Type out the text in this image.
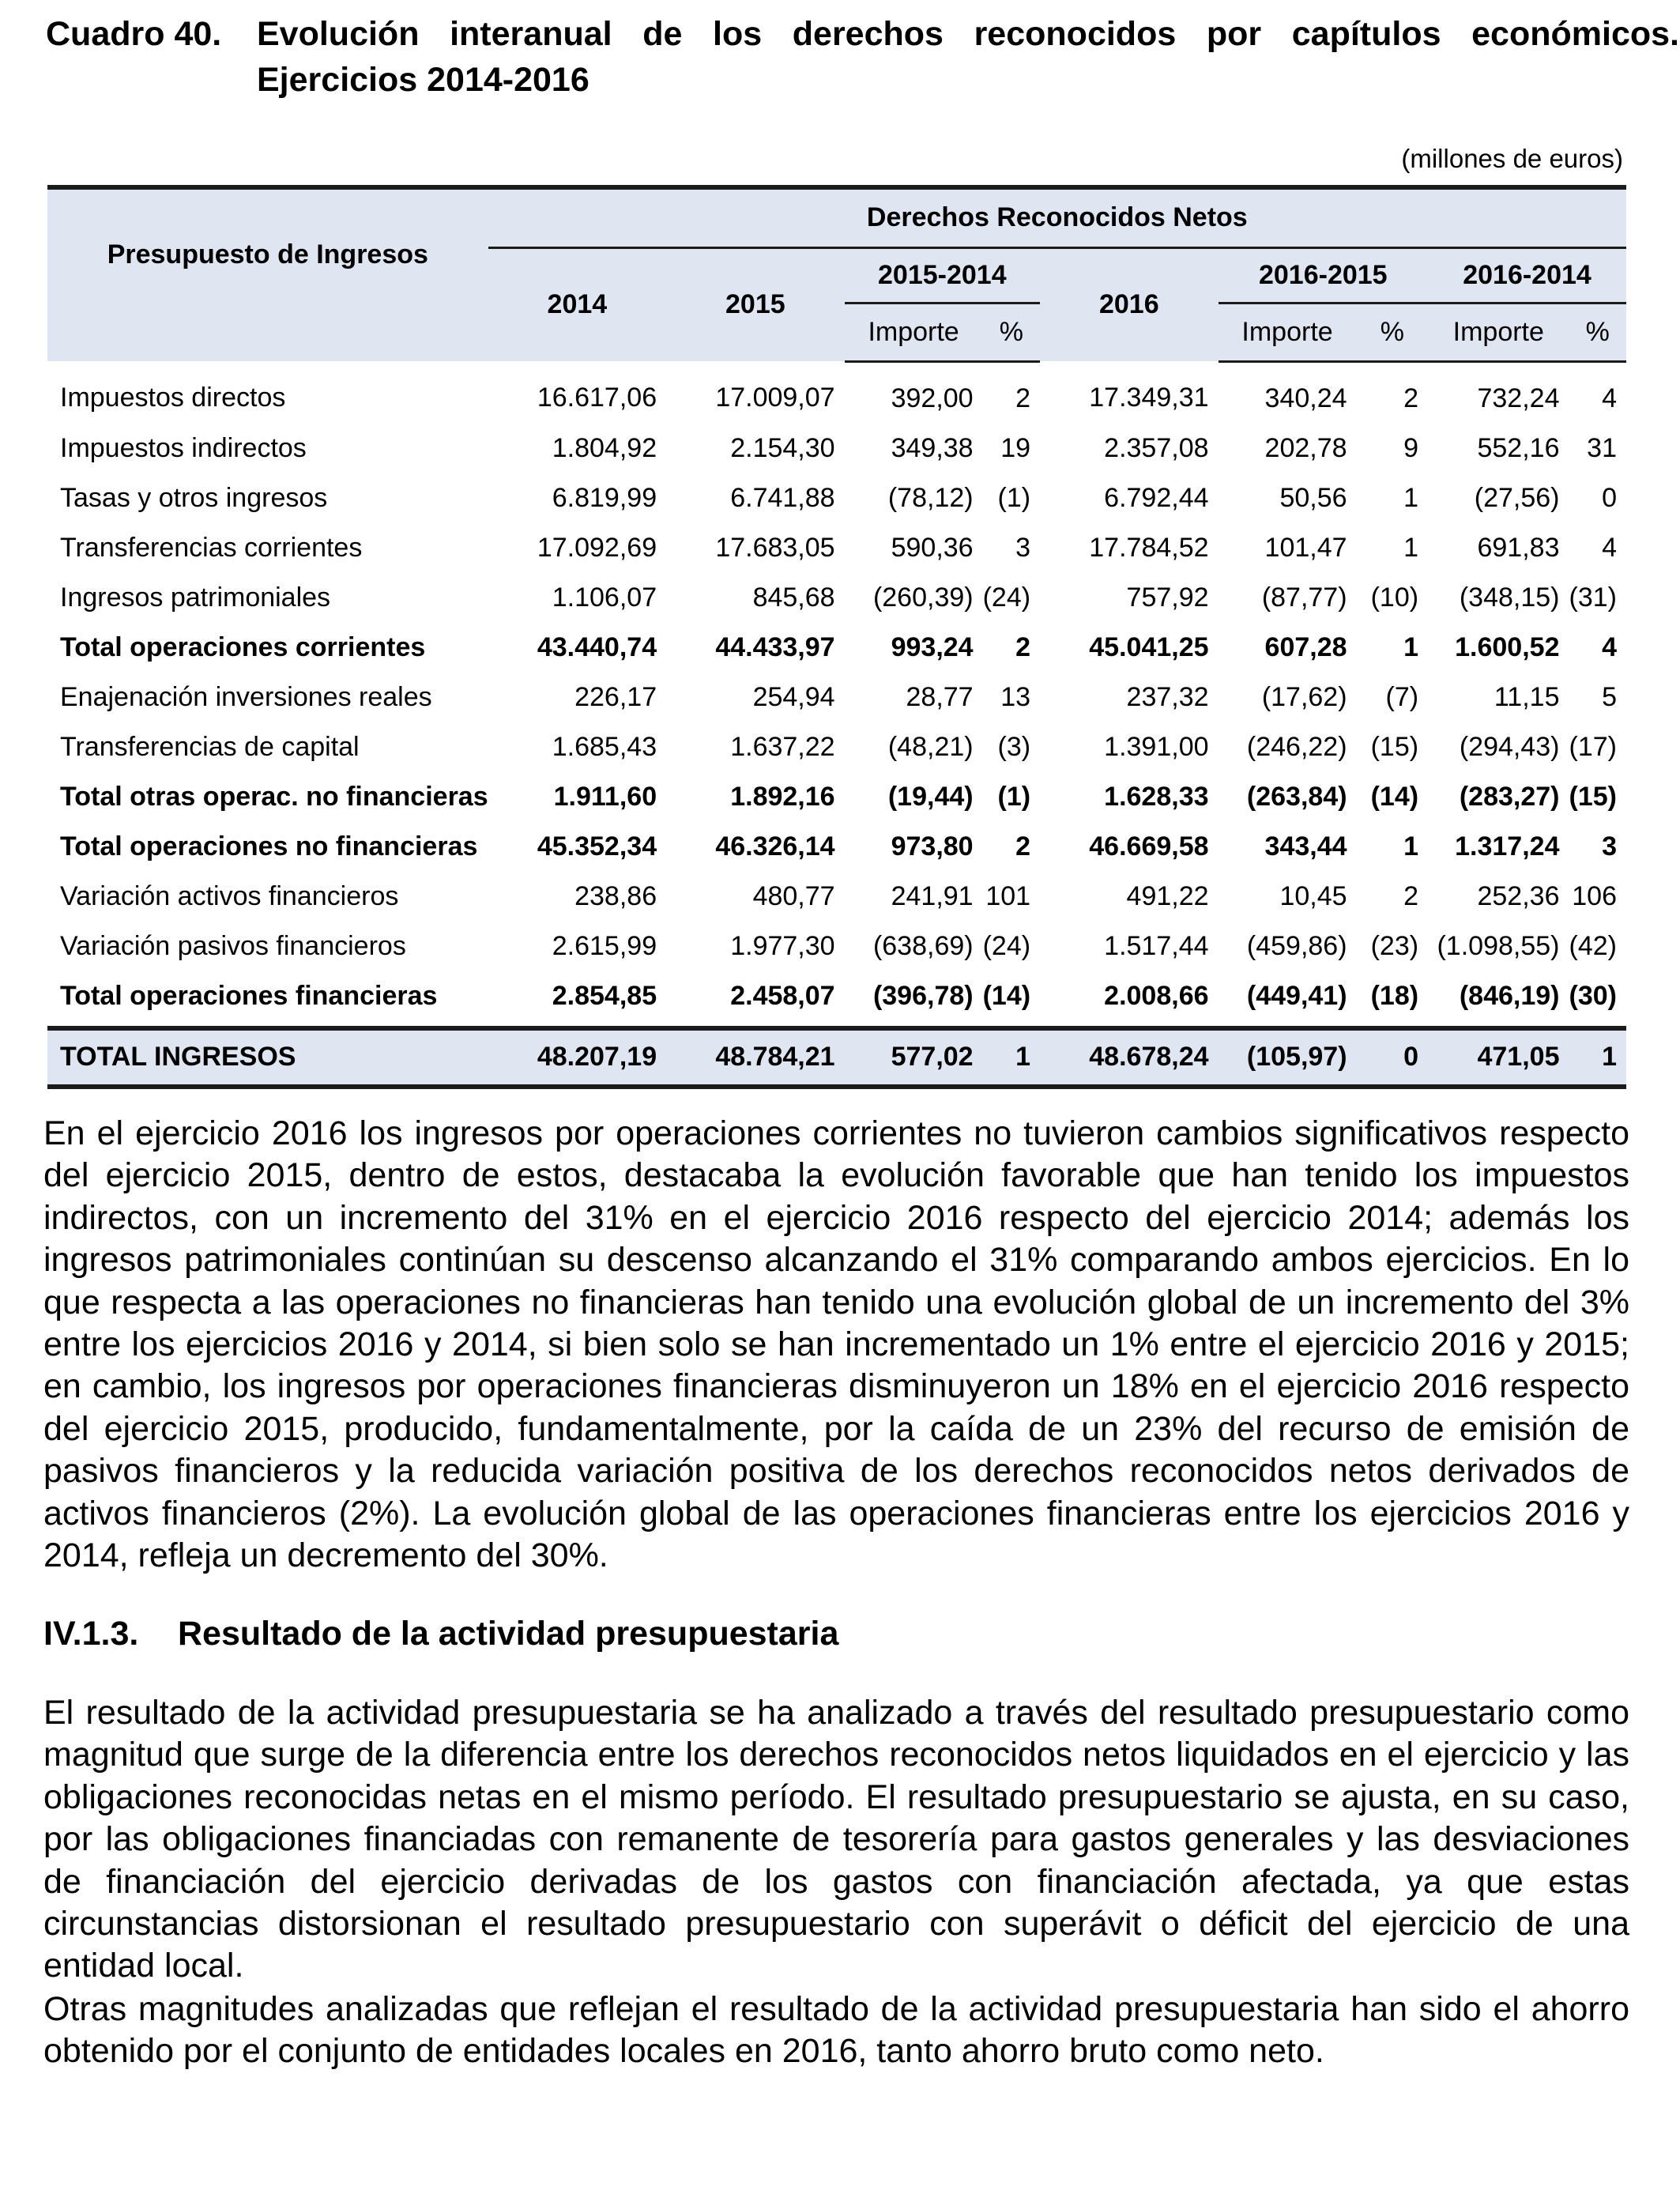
Cuadro 40. Evolución interanual de los derechos reconocidos por capítulos económicos. Ejercicios 2014-2016
(millones de euros)
Presupuesto de Ingresos	Derechos Reconocidos Netos								
	2014	2015	2015-2014		2016	2016-2015		2016-2014	
			Importe	%		Importe	%	Importe	%
Impuestos directos	16.617,06	17.009,07	392,00	2	17.349,31	340,24	2	732,24	4
Impuestos indirectos	1.804,92	2.154,30	349,38	19	2.357,08	202,78	9	552,16	31
Tasas y otros ingresos	6.819,99	6.741,88	(78,12)	(1)	6.792,44	50,56	1	(27,56)	0
Transferencias corrientes	17.092,69	17.683,05	590,36	3	17.784,52	101,47	1	691,83	4
Ingresos patrimoniales	1.106,07	845,68	(260,39)	(24)	757,92	(87,77)	(10)	(348,15)	(31)
Total operaciones corrientes	43.440,74	44.433,97	993,24	2	45.041,25	607,28	1	1.600,52	4
Enajenación inversiones reales	226,17	254,94	28,77	13	237,32	(17,62)	(7)	11,15	5
Transferencias de capital	1.685,43	1.637,22	(48,21)	(3)	1.391,00	(246,22)	(15)	(294,43)	(17)
Total otras operac. no financieras	1.911,60	1.892,16	(19,44)	(1)	1.628,33	(263,84)	(14)	(283,27)	(15)
Total operaciones no financieras	45.352,34	46.326,14	973,80	2	46.669,58	343,44	1	1.317,24	3
Variación activos financieros	238,86	480,77	241,91	101	491,22	10,45	2	252,36	106
Variación pasivos financieros	2.615,99	1.977,30	(638,69)	(24)	1.517,44	(459,86)	(23)	(1.098,55)	(42)
Total operaciones financieras	2.854,85	2.458,07	(396,78)	(14)	2.008,66	(449,41)	(18)	(846,19)	(30)
TOTAL INGRESOS	48.207,19	48.784,21	577,02	1	48.678,24	(105,97)	0	471,05	1

En el ejercicio 2016 los ingresos por operaciones corrientes no tuvieron cambios significativos respecto del ejercicio 2015, dentro de estos, destacaba la evolución favorable que han tenido los impuestos indirectos, con un incremento del 31% en el ejercicio 2016 respecto del ejercicio 2014; además los ingresos patrimoniales continúan su descenso alcanzando el 31% comparando ambos ejercicios. En lo que respecta a las operaciones no financieras han tenido una evolución global de un incremento del 3% entre los ejercicios 2016 y 2014, si bien solo se han incrementado un 1% entre el ejercicio 2016 y 2015; en cambio, los ingresos por operaciones financieras disminuyeron un 18% en el ejercicio 2016 respecto del ejercicio 2015, producido, fundamentalmente, por la caída de un 23% del recurso de emisión de pasivos financieros y la reducida variación positiva de los derechos reconocidos netos derivados de activos financieros (2%). La evolución global de las operaciones financieras entre los ejercicios 2016 y 2014, refleja un decremento del 30%.

IV.1.3. Resultado de la actividad presupuestaria

El resultado de la actividad presupuestaria se ha analizado a través del resultado presupuestario como magnitud que surge de la diferencia entre los derechos reconocidos netos liquidados en el ejercicio y las obligaciones reconocidas netas en el mismo período. El resultado presupuestario se ajusta, en su caso, por las obligaciones financiadas con remanente de tesorería para gastos generales y las desviaciones de financiación del ejercicio derivadas de los gastos con financiación afectada, ya que estas circunstancias distorsionan el resultado presupuestario con superávit o déficit del ejercicio de una entidad local.

Otras magnitudes analizadas que reflejan el resultado de la actividad presupuestaria han sido el ahorro obtenido por el conjunto de entidades locales en 2016, tanto ahorro bruto como neto.
